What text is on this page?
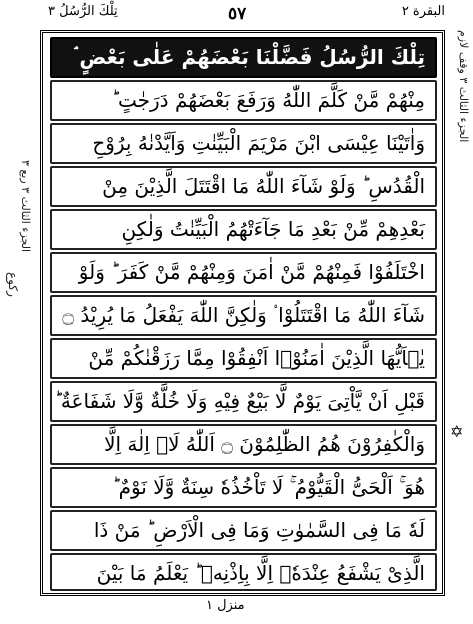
تِلْكَ الرُّسُلُ ٣	٥٧	البقرة ٢
الجزء الثالث ٣ ربع ٣
ركوع
الجزء الثالث ٣ وقف لازم
✡
تِلْكَ الرُّسُلُ فَضَّلْنَا بَعْضَهُمْ عَلٰى بَعْضٍ ۘ
مِنْهُمْ مَّنْ كَلَّمَ اللّٰهُ وَرَفَعَ بَعْضَهُمْ دَرَجٰتٍ ؕ
وَاٰتَيْنَا عِيْسَى ابْنَ مَرْيَمَ الْبَيِّنٰتِ وَاَيَّدْنٰهُ بِرُوْحِ
الْقُدُسِ ؕ وَلَوْ شَآءَ اللّٰهُ مَا اقْتَتَلَ الَّذِيْنَ مِنْ
بَعْدِهِمْ مِّنْ بَعْدِ مَا جَآءَتْهُمُ الْبَيِّنٰتُ وَلٰكِنِ
اخْتَلَفُوْا فَمِنْهُمْ مَّنْ اٰمَنَ وَمِنْهُمْ مَّنْ كَفَرَ ؕ وَلَوْ
شَآءَ اللّٰهُ مَا اقْتَتَلُوْا ۟ وَلٰكِنَّ اللّٰهَ يَفْعَلُ مَا يُرِيْدُ ۝
يٰۤاَيُّهَا الَّذِيْنَ اٰمَنُوْۤا اَنْفِقُوْا مِمَّا رَزَقْنٰكُمْ مِّنْ
قَبْلِ اَنْ يَّاْتِىَ يَوْمٌ لَّا بَيْعٌ فِيْهِ وَلَا خُلَّةٌ وَّلَا شَفَاعَةٌ ؕ
وَالْكٰفِرُوْنَ هُمُ الظّٰلِمُوْنَ ۝ اَللّٰهُ لَاۤ اِلٰهَ اِلَّا
هُوَ ۚ اَلْحَىُّ الْقَيُّوْمُ ۚ لَا تَاْخُذُهٗ سِنَةٌ وَّلَا نَوْمٌ ؕ
لَهٗ مَا فِى السَّمٰوٰتِ وَمَا فِى الْاَرْضِ ؕ مَنْ ذَا
الَّذِىْ يَشْفَعُ عِنْدَهٗۤ اِلَّا بِاِذْنِهٖ ؕ يَعْلَمُ مَا بَيْنَ
منزل ١
